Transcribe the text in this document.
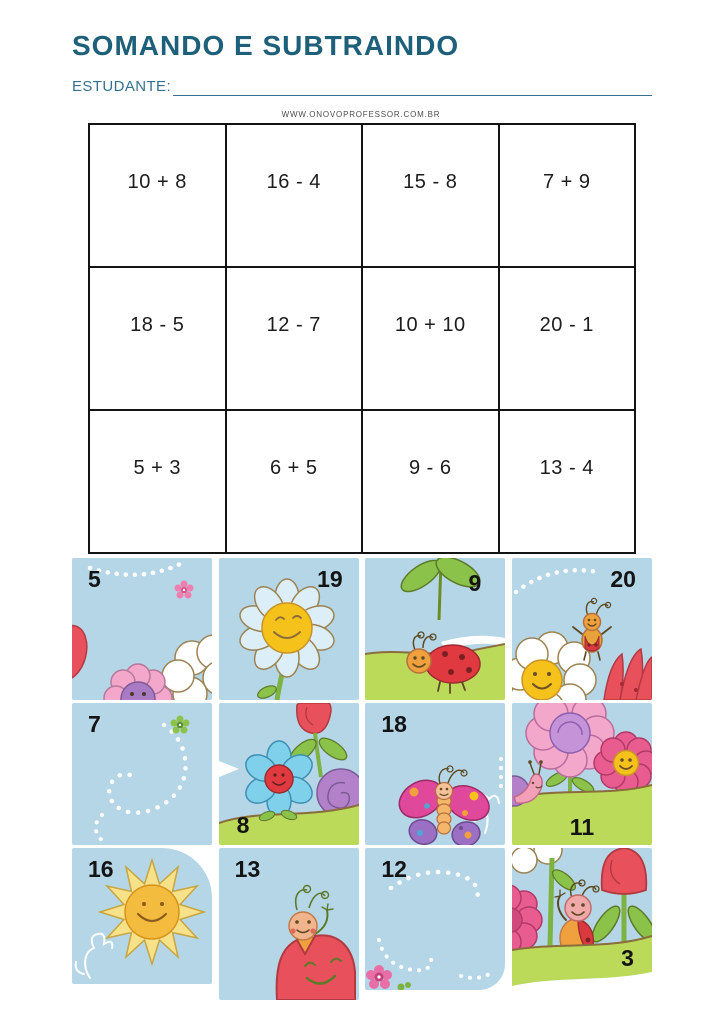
SOMANDO E SUBTRAINDO
ESTUDANTE:
WWW.ONOVOPROFESSOR.COM.BR
10 + 8	16 - 4	15 - 8	7 + 9
18 - 5	12 - 7	10 + 10	20 - 1
5 + 3	6 + 5	9 - 6	13 - 4
5	19	9	20
7
8
18
11
16	13	12
3
